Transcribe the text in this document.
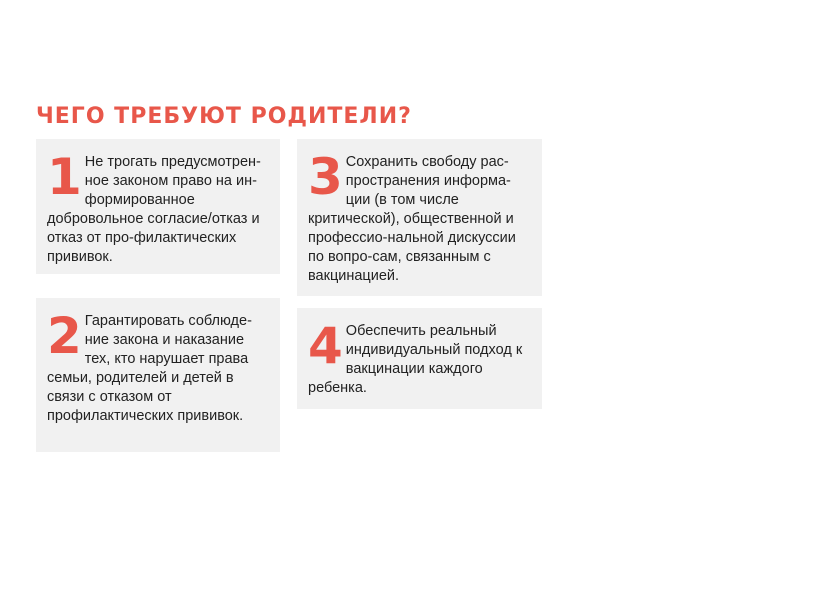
ЧЕГО ТРЕБУЮТ РОДИТЕЛИ?
1 Не трогать предусмотрен-ное законом право на ин-формированное добровольное согласие/отказ и отказ от про-филактических прививок.

2 Гарантировать соблюде-ние закона и наказание тех, кто нарушает права семьи, родителей и детей в связи с отказом от профилактических прививок.

3 Сохранить свободу рас-пространения информа-ции (в том числе критической), общественной и профессио-нальной дискуссии по вопро-сам, связанным с вакцинацией.

4 Обеспечить реальный индивидуальный подход к вакцинации каждого ребенка.
